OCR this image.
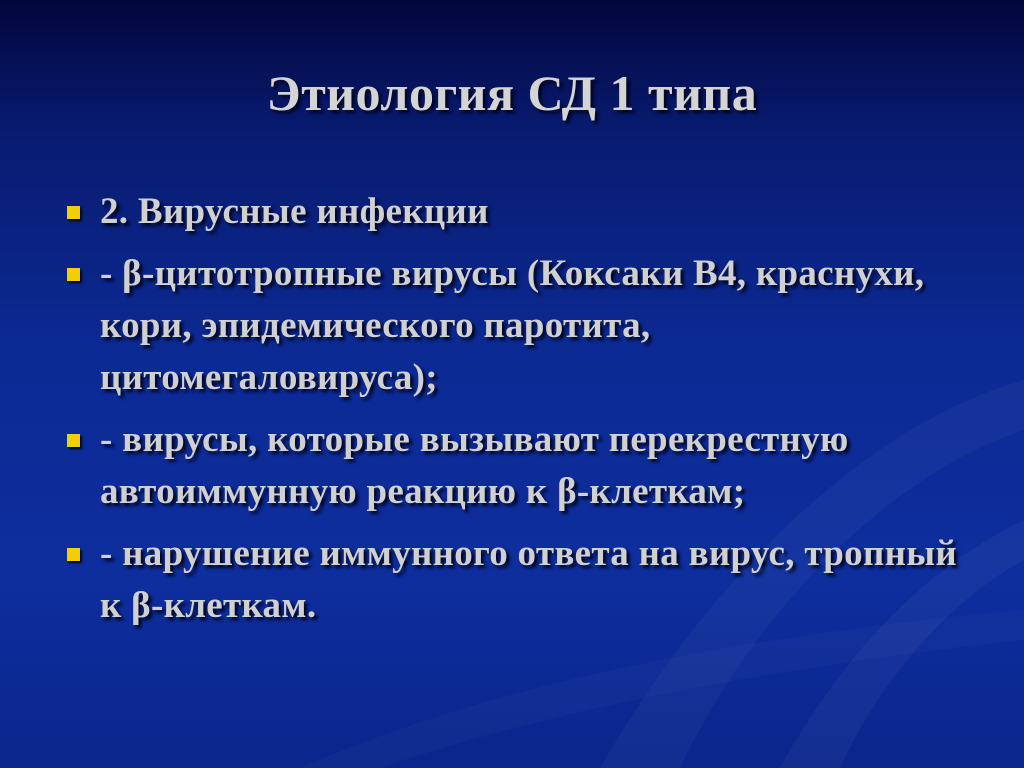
Этиология СД 1 типа
2. Вирусные инфекции
- β-цитотропные вирусы (Коксаки В4, краснухи, кори, эпидемического паротита, цитомегаловируса);
- вирусы, которые вызывают перекрестную автоиммунную реакцию к β-клеткам;
- нарушение иммунного ответа на вирус, тропный к β-клеткам.
